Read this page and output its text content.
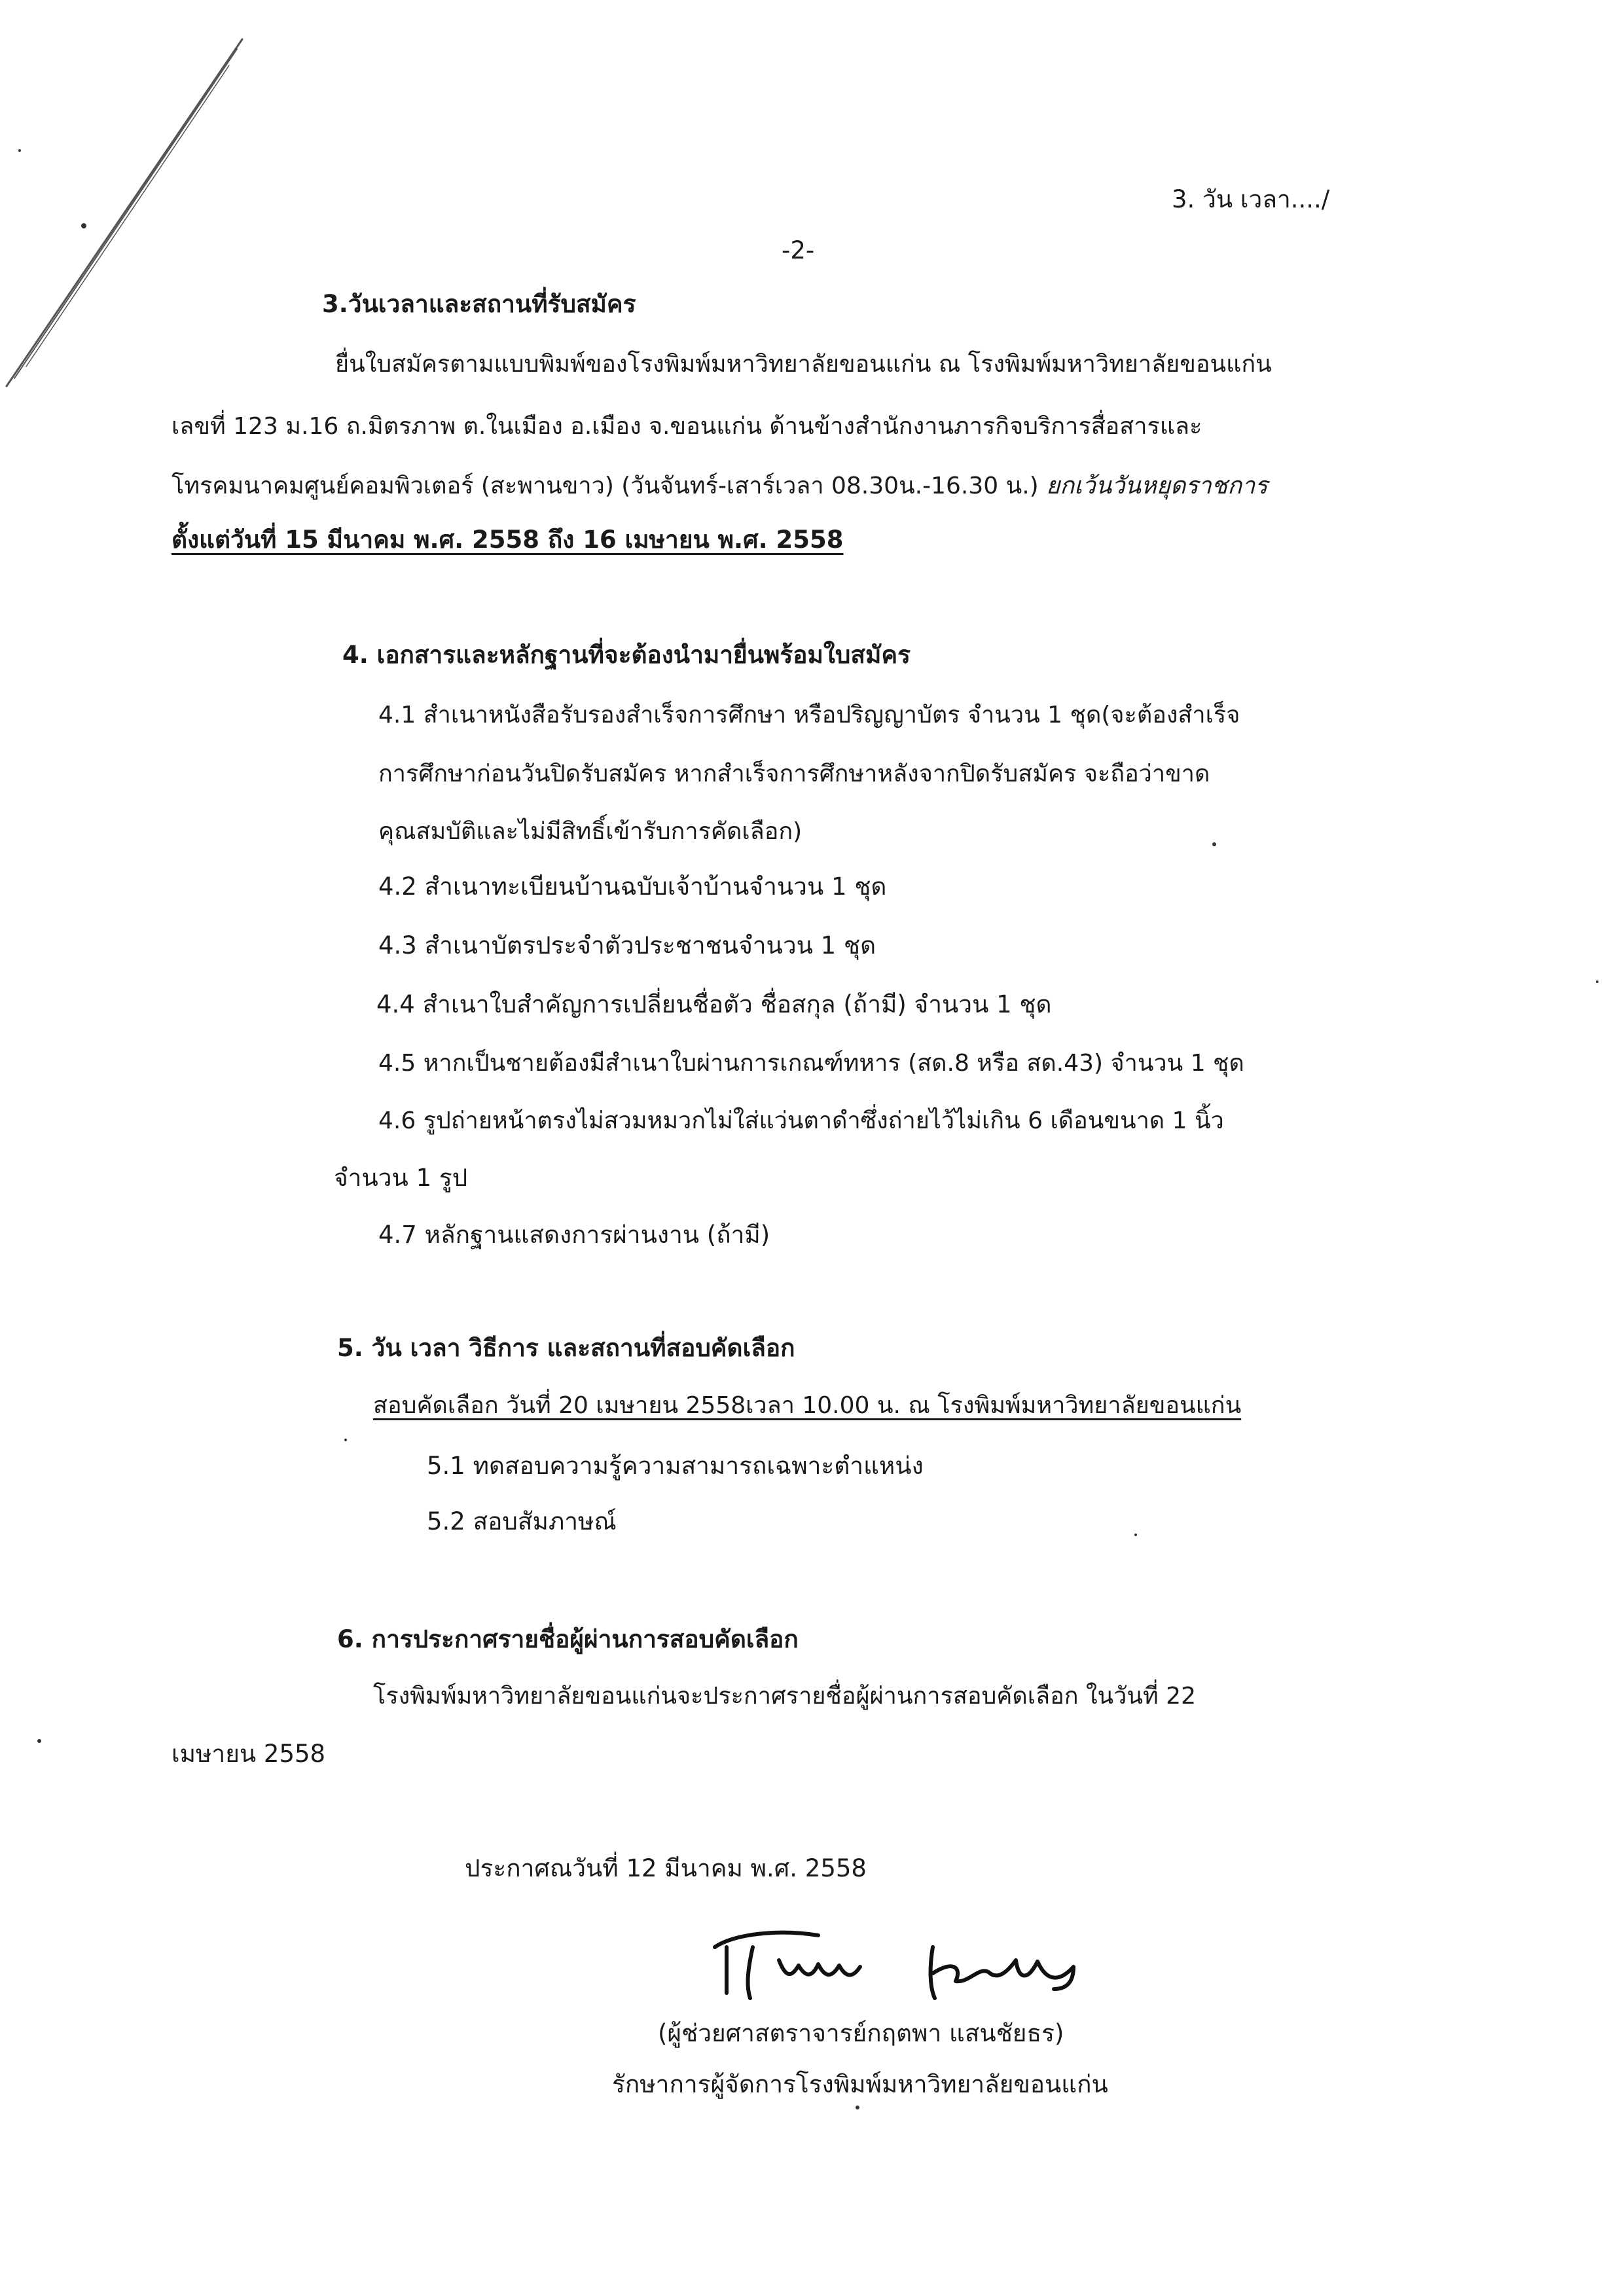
3. วัน เวลา..../
-2-
3.วันเวลาและสถานที่รับสมัคร
ยื่นใบสมัครตามแบบพิมพ์ของโรงพิมพ์มหาวิทยาลัยขอนแก่น ณ โรงพิมพ์มหาวิทยาลัยขอนแก่น
เลขที่ 123 ม.16 ถ.มิตรภาพ ต.ในเมือง อ.เมือง จ.ขอนแก่น ด้านข้างสำนักงานภารกิจบริการสื่อสารและ
โทรคมนาคมศูนย์คอมพิวเตอร์ (สะพานขาว) (วันจันทร์-เสาร์เวลา 08.30น.-16.30 น.) ยกเว้นวันหยุดราชการ
ตั้งแต่วันที่ 15 มีนาคม พ.ศ. 2558 ถึง 16 เมษายน พ.ศ. 2558
4. เอกสารและหลักฐานที่จะต้องนำมายื่นพร้อมใบสมัคร
4.1 สำเนาหนังสือรับรองสำเร็จการศึกษา หรือปริญญาบัตร จำนวน 1 ชุด(จะต้องสำเร็จ
การศึกษาก่อนวันปิดรับสมัคร หากสำเร็จการศึกษาหลังจากปิดรับสมัคร จะถือว่าขาด
คุณสมบัติและไม่มีสิทธิ์เข้ารับการคัดเลือก)
4.2 สำเนาทะเบียนบ้านฉบับเจ้าบ้านจำนวน 1 ชุด
4.3 สำเนาบัตรประจำตัวประชาชนจำนวน 1 ชุด
4.4 สำเนาใบสำคัญการเปลี่ยนชื่อตัว ชื่อสกุล (ถ้ามี) จำนวน 1 ชุด
4.5 หากเป็นชายต้องมีสำเนาใบผ่านการเกณฑ์ทหาร (สด.8 หรือ สด.43) จำนวน 1 ชุด
4.6 รูปถ่ายหน้าตรงไม่สวมหมวกไม่ใส่แว่นตาดำซึ่งถ่ายไว้ไม่เกิน 6 เดือนขนาด 1 นิ้ว
จำนวน 1 รูป
4.7 หลักฐานแสดงการผ่านงาน (ถ้ามี)
5. วัน เวลา วิธีการ และสถานที่สอบคัดเลือก
สอบคัดเลือก วันที่ 20 เมษายน 2558เวลา 10.00 น. ณ โรงพิมพ์มหาวิทยาลัยขอนแก่น
5.1 ทดสอบความรู้ความสามารถเฉพาะตำแหน่ง
5.2 สอบสัมภาษณ์
6. การประกาศรายชื่อผู้ผ่านการสอบคัดเลือก
โรงพิมพ์มหาวิทยาลัยขอนแก่นจะประกาศรายชื่อผู้ผ่านการสอบคัดเลือก ในวันที่ 22
เมษายน 2558
ประกาศณวันที่ 12 มีนาคม พ.ศ. 2558
(ผู้ช่วยศาสตราจารย์กฤตพา แสนชัยธร)
รักษาการผู้จัดการโรงพิมพ์มหาวิทยาลัยขอนแก่น
